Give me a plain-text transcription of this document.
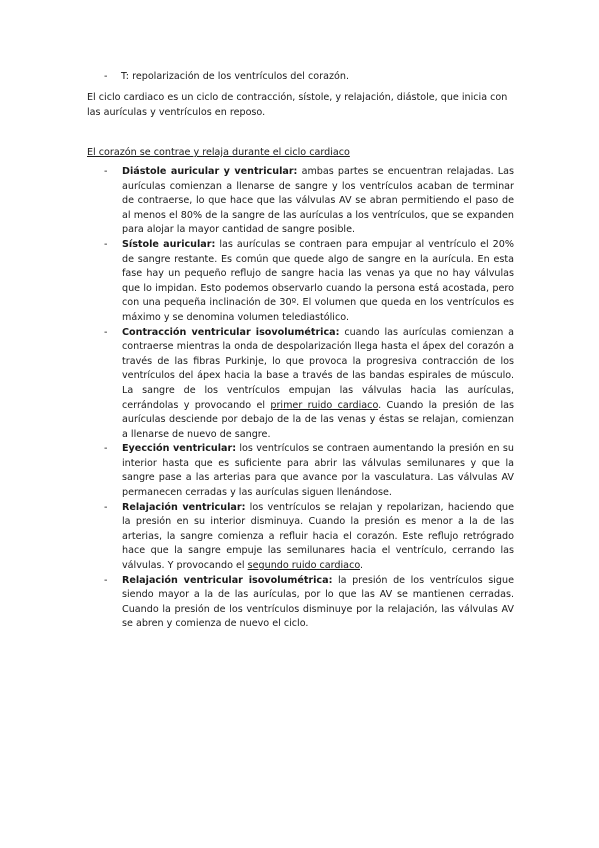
- T: repolarización de los ventrículos del corazón.

El ciclo cardiaco es un ciclo de contracción, sístole, y relajación, diástole, que inicia con las aurículas y ventrículos en reposo.

El corazón se contrae y relaja durante el ciclo cardiaco
- Diástole auricular y ventricular: ambas partes se encuentran relajadas. Las aurículas comienzan a llenarse de sangre y los ventrículos acaban de terminar de contraerse, lo que hace que las válvulas AV se abran permitiendo el paso de al menos el 80% de la sangre de las aurículas a los ventrículos, que se expanden para alojar la mayor cantidad de sangre posible.
- Sístole auricular: las aurículas se contraen para empujar al ventrículo el 20% de sangre restante. Es común que quede algo de sangre en la aurícula. En esta fase hay un pequeño reflujo de sangre hacia las venas ya que no hay válvulas que lo impidan. Esto podemos observarlo cuando la persona está acostada, pero con una pequeña inclinación de 30º. El volumen que queda en los ventrículos es máximo y se denomina volumen telediastólico.
- Contracción ventricular isovolumétrica: cuando las aurículas comienzan a contraerse mientras la onda de despolarización llega hasta el ápex del corazón a través de las fibras Purkinje, lo que provoca la progresiva contracción de los ventrículos del ápex hacia la base a través de las bandas espirales de músculo. La sangre de los ventrículos empujan las válvulas hacia las aurículas, cerrándolas y provocando el primer ruido cardiaco. Cuando la presión de las aurículas desciende por debajo de la de las venas y éstas se relajan, comienzan a llenarse de nuevo de sangre.
- Eyección ventricular: los ventrículos se contraen aumentando la presión en su interior hasta que es suficiente para abrir las válvulas semilunares y que la sangre pase a las arterias para que avance por la vasculatura. Las válvulas AV permanecen cerradas y las aurículas siguen llenándose.
- Relajación ventricular: los ventrículos se relajan y repolarizan, haciendo que la presión en su interior disminuya. Cuando la presión es menor a la de las arterias, la sangre comienza a refluir hacia el corazón. Este reflujo retrógrado hace que la sangre empuje las semilunares hacia el ventrículo, cerrando las válvulas. Y provocando el segundo ruido cardiaco.
- Relajación ventricular isovolumétrica: la presión de los ventrículos sigue siendo mayor a la de las aurículas, por lo que las AV se mantienen cerradas. Cuando la presión de los ventrículos disminuye por la relajación, las válvulas AV se abren y comienza de nuevo el ciclo.
